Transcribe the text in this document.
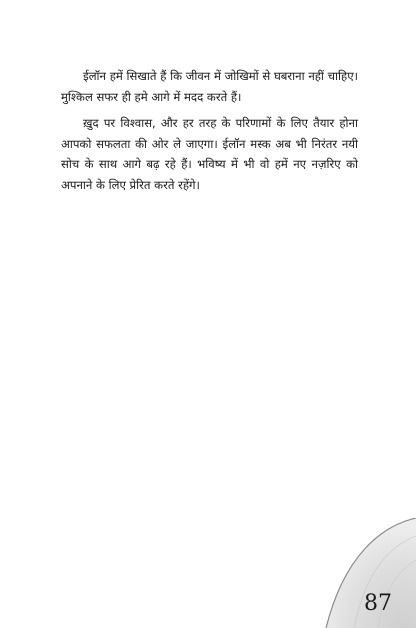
ईलॉन हमें सिखाते हैं कि जीवन में जोखिमों से घबराना नहीं चाहिए। मुश्किल सफर ही हमे आगे में मदद करते हैं।

ख़ुद पर विश्वास, और हर तरह के परिणामों के लिए तैयार होना आपको सफलता की ओर ले जाएगा। ईलॉन मस्क अब भी निरंतर नयी सोच के साथ आगे बढ़ रहे हैं। भविष्य में भी वो हमें नए नज़रिए को अपनाने के लिए प्रेरित करते रहेंगे।

87
